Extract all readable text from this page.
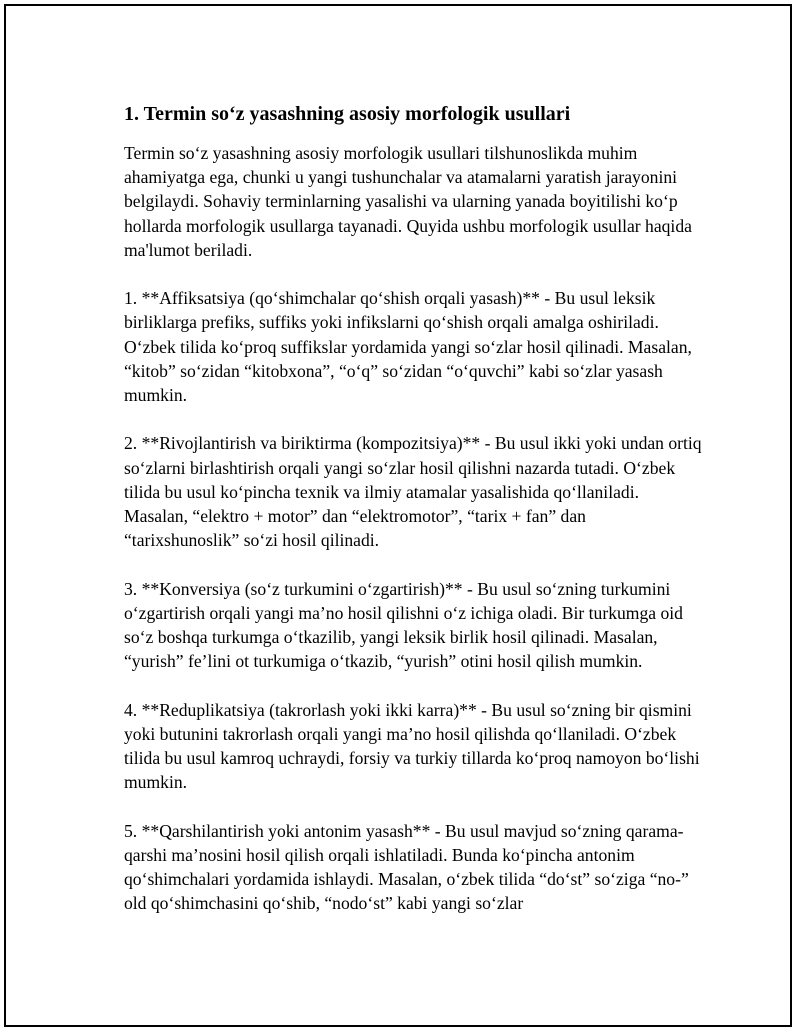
1. Termin so‘z yasashning asosiy morfologik usullari

Termin so‘z yasashning asosiy morfologik usullari tilshunoslikda muhim ahamiyatga ega, chunki u yangi tushunchalar va atamalarni yaratish jarayonini belgilaydi. Sohaviy terminlarning yasalishi va ularning yanada boyitilishi ko‘p hollarda morfologik usullarga tayanadi. Quyida ushbu morfologik usullar haqida ma'lumot beriladi.

1. **Affiksatsiya (qo‘shimchalar qo‘shish orqali yasash)** - Bu usul leksik birliklarga prefiks, suffiks yoki infikslarni qo‘shish orqali amalga oshiriladi. O‘zbek tilida ko‘proq suffikslar yordamida yangi so‘zlar hosil qilinadi. Masalan, “kitob” so‘zidan “kitobxona”, “o‘q” so‘zidan “o‘quvchi” kabi so‘zlar yasash mumkin.

2. **Rivojlantirish va biriktirma (kompozitsiya)** - Bu usul ikki yoki undan ortiq so‘zlarni birlashtirish orqali yangi so‘zlar hosil qilishni nazarda tutadi. O‘zbek tilida bu usul ko‘pincha texnik va ilmiy atamalar yasalishida qo‘llaniladi. Masalan, “elektro + motor” dan “elektromotor”, “tarix + fan” dan “tarixshunoslik” so‘zi hosil qilinadi.

3. **Konversiya (so‘z turkumini o‘zgartirish)** - Bu usul so‘zning turkumini o‘zgartirish orqali yangi ma’no hosil qilishni o‘z ichiga oladi. Bir turkumga oid so‘z boshqa turkumga o‘tkazilib, yangi leksik birlik hosil qilinadi. Masalan, “yurish” fe’lini ot turkumiga o‘tkazib, “yurish” otini hosil qilish mumkin.

4. **Reduplikatsiya (takrorlash yoki ikki karra)** - Bu usul so‘zning bir qismini yoki butunini takrorlash orqali yangi ma’no hosil qilishda qo‘llaniladi. O‘zbek tilida bu usul kamroq uchraydi, forsiy va turkiy tillarda ko‘proq namoyon bo‘lishi mumkin.

5. **Qarshilantirish yoki antonim yasash** - Bu usul mavjud so‘zning qarama-qarshi ma’nosini hosil qilish orqali ishlatiladi. Bunda ko‘pincha antonim qo‘shimchalari yordamida ishlaydi. Masalan, o‘zbek tilida “do‘st” so‘ziga “no-” old qo‘shimchasini qo‘shib, “nodo‘st” kabi yangi so‘zlar
